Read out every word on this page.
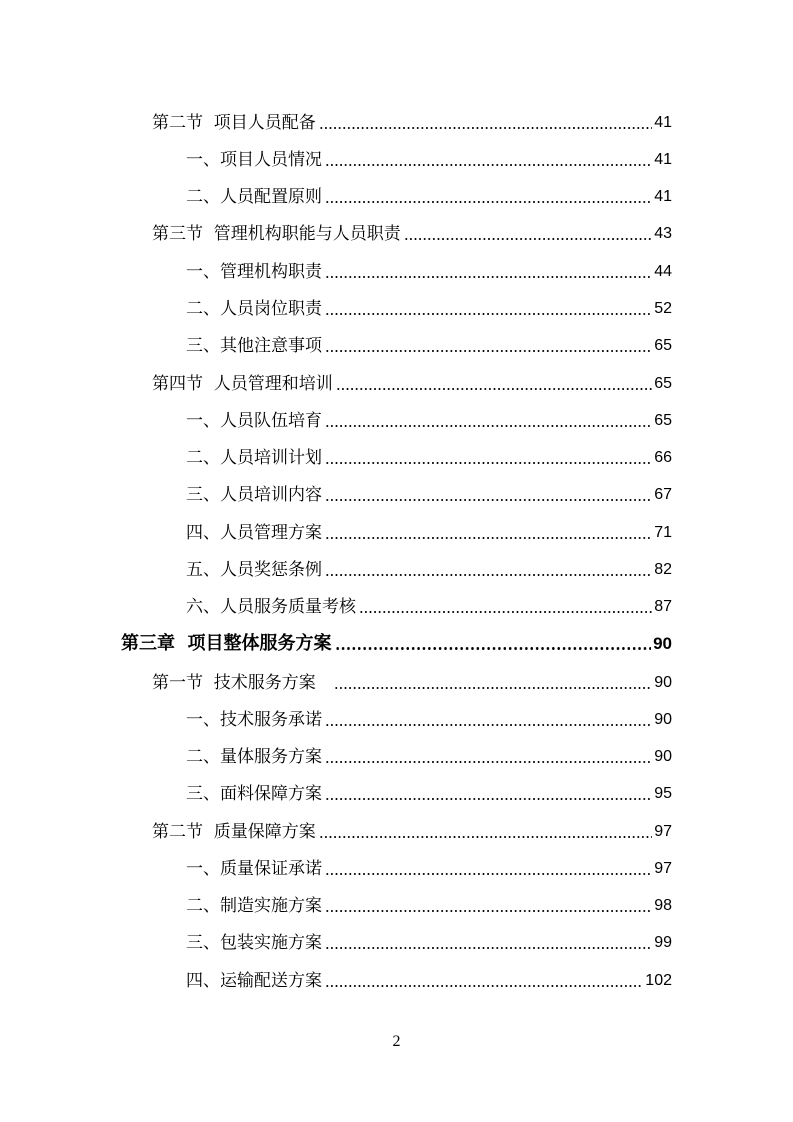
第二节  项目人员配备	41
一、项目人员情况	41
二、人员配置原则	41
第三节  管理机构职能与人员职责	43
一、管理机构职责	44
二、人员岗位职责	52
三、其他注意事项	65
第四节  人员管理和培训	65
一、人员队伍培育	65
二、人员培训计划	66
三、人员培训内容	67
四、人员管理方案	71
五、人员奖惩条例	82
六、人员服务质量考核	87
第三章  项目整体服务方案	90
第一节  技术服务方案	90
一、技术服务承诺	90
二、量体服务方案	90
三、面料保障方案	95
第二节  质量保障方案	97
一、质量保证承诺	97
二、制造实施方案	98
三、包装实施方案	99
四、运输配送方案	102
2
